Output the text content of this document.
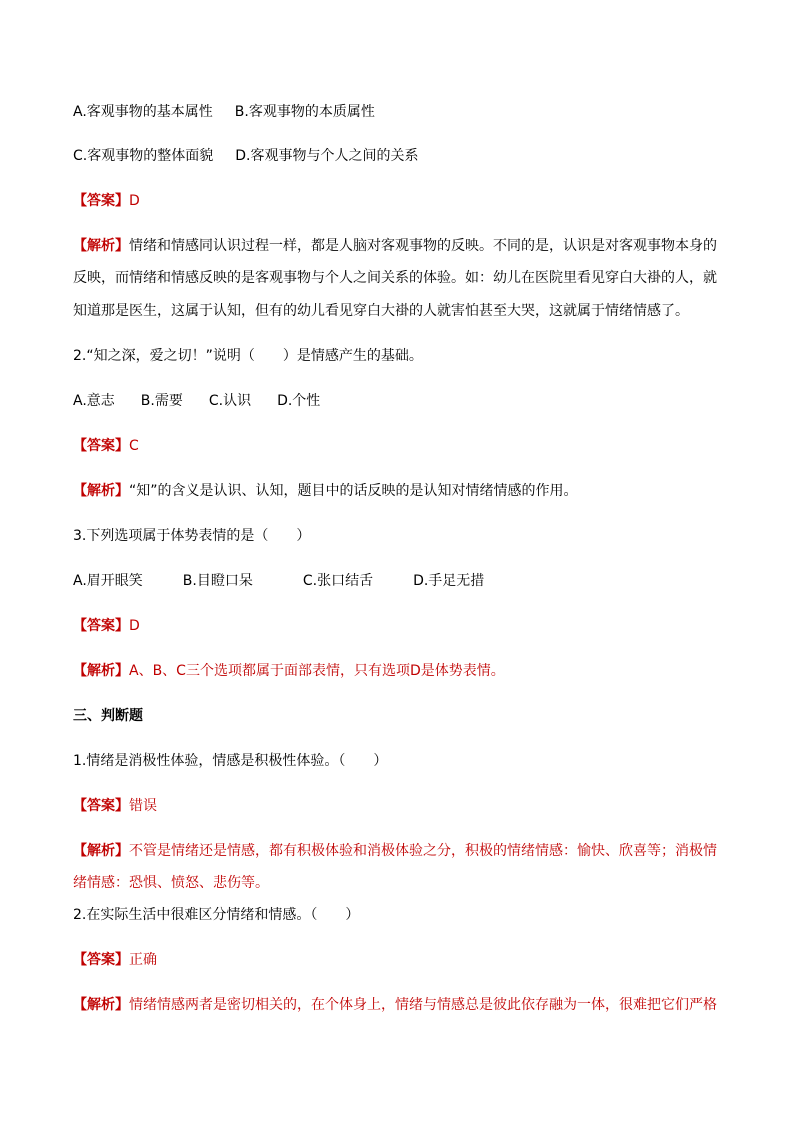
A.客观事物的基本属性 B.客观事物的本质属性
C.客观事物的整体面貌 D.客观事物与个人之间的关系
【答案】D
【解析】情绪和情感同认识过程一样，都是人脑对客观事物的反映。不同的是，认识是对客观事物本身的
反映，而情绪和情感反映的是客观事物与个人之间关系的体验。如：幼儿在医院里看见穿白大褂的人，就
知道那是医生，这属于认知，但有的幼儿看见穿白大褂的人就害怕甚至大哭，这就属于情绪情感了。
2.“知之深，爱之切！”说明（　　）是情感产生的基础。
A.意志 B.需要 C.认识 D.个性
【答案】C
【解析】“知”的含义是认识、认知，题目中的话反映的是认知对情绪情感的作用。
3.下列选项属于体势表情的是（　　）
A.眉开眼笑	B.目瞪口呆	C.张口结舌	D.手足无措
【答案】D
【解析】A、B、C三个选项都属于面部表情，只有选项D是体势表情。
三、判断题
1.情绪是消极性体验，情感是积极性体验。（　　）
【答案】错误
【解析】不管是情绪还是情感，都有积极体验和消极体验之分，积极的情绪情感：愉快、欣喜等；消极情
绪情感：恐惧、愤怒、悲伤等。
2.在实际生活中很难区分情绪和情感。（　　）
【答案】正确
【解析】情绪情感两者是密切相关的，在个体身上，情绪与情感总是彼此依存融为一体，很难把它们严格
